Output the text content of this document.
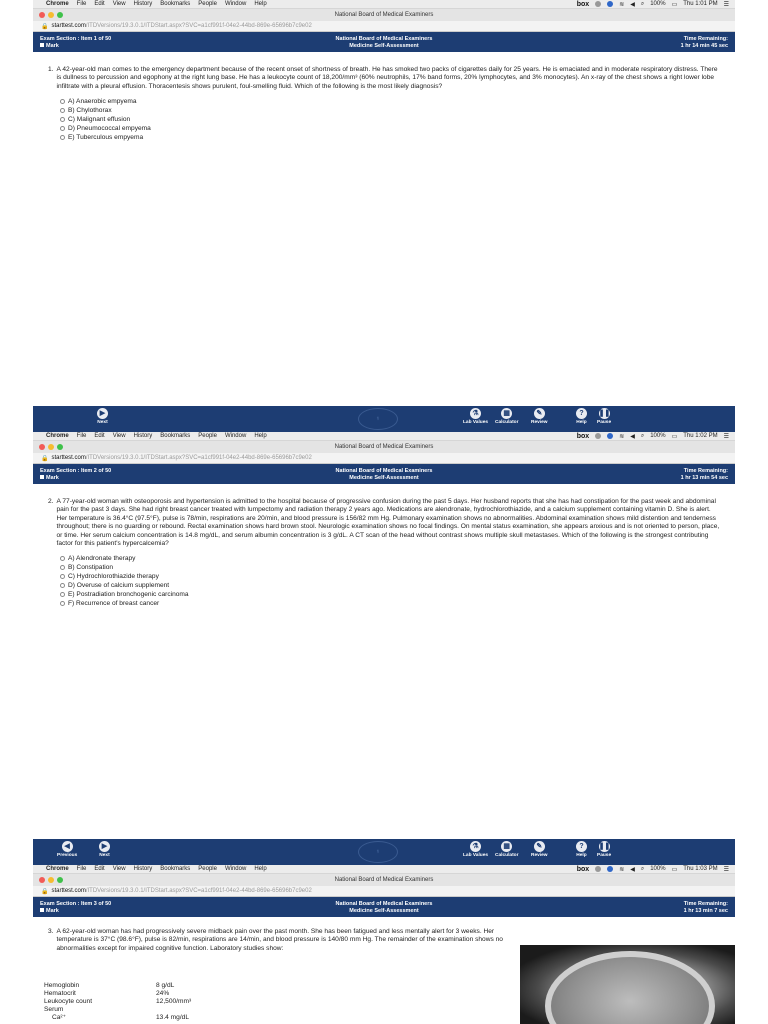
Chrome File Edit View History Bookmarks People Window Help	box	≋ ◀ ⌕ 100% ▭ Thu 1:01 PM ☰
National Board of Medical Examiners
🔒 starttest.com /ITDVersions/19.3.0.1/ITDStart.aspx?SVC=a1cf991f-04e2-44bd-869e-65696b7c9e02
Exam Section : Item 1 of 50
Mark
National Board of Medical Examiners
Medicine Self-Assessment
Time Remaining:
1 hr 14 min 45 sec
1. A 42-year-old man comes to the emergency department because of the recent onset of shortness of breath. He has smoked two packs of cigarettes daily for 25 years. He is emaciated and in moderate respiratory distress. There is dullness to percussion and egophony at the right lung base. He has a leukocyte count of 18,200/mm³ (60% neutrophils, 17% band forms, 20% lymphocytes, and 3% monocytes). An x-ray of the chest shows a right lower lobe infiltrate with a pleural effusion. Thoracentesis shows purulent, foul-smelling fluid. Which of the following is the most likely diagnosis?
A) Anaerobic empyema
B) Chylothorax
C) Malignant effusion
D) Pneumococcal empyema
E) Tuberculous empyema
▶
Next
⚕
⚗
Lab Values
▦
Calculator
✎
Review
?
Help
❚❚
Pause
Chrome File Edit View History Bookmarks People Window Help	box	≋ ◀ ⌕ 100% ▭ Thu 1:02 PM ☰
National Board of Medical Examiners
🔒 starttest.com /ITDVersions/19.3.0.1/ITDStart.aspx?SVC=a1cf991f-04e2-44bd-869e-65696b7c9e02
Exam Section : Item 2 of 50
Mark
National Board of Medical Examiners
Medicine Self-Assessment
Time Remaining:
1 hr 13 min 54 sec
2. A 77-year-old woman with osteoporosis and hypertension is admitted to the hospital because of progressive confusion during the past 5 days. Her husband reports that she has had constipation for the past week and abdominal pain for the past 3 days. She had right breast cancer treated with lumpectomy and radiation therapy 2 years ago. Medications are alendronate, hydrochlorothiazide, and a calcium supplement containing vitamin D. She is alert. Her temperature is 36.4°C (97.5°F), pulse is 78/min, respirations are 20/min, and blood pressure is 156/82 mm Hg. Pulmonary examination shows no abnormalities. Abdominal examination shows mild distention and tenderness throughout; there is no guarding or rebound. Rectal examination shows hard brown stool. Neurologic examination shows no focal findings. On mental status examination, she appears anxious and is not oriented to person, place, or time. Her serum calcium concentration is 14.8 mg/dL, and serum albumin concentration is 3 g/dL. A CT scan of the head without contrast shows multiple skull metastases. Which of the following is the strongest contributing factor for this patient's hypercalcemia?
A) Alendronate therapy
B) Constipation
C) Hydrochlorothiazide therapy
D) Overuse of calcium supplement
E) Postradiation bronchogenic carcinoma
F) Recurrence of breast cancer
◀
Previous
▶
Next
⚕
⚗
Lab Values
▦
Calculator
✎
Review
?
Help
❚❚
Pause
Chrome File Edit View History Bookmarks People Window Help	box	≋ ◀ ⌕ 100% ▭ Thu 1:03 PM ☰
National Board of Medical Examiners
🔒 starttest.com /ITDVersions/19.3.0.1/ITDStart.aspx?SVC=a1cf991f-04e2-44bd-869e-65696b7c9e02
Exam Section : Item 3 of 50
Mark
National Board of Medical Examiners
Medicine Self-Assessment
Time Remaining:
1 hr 13 min 7 sec
3. A 62-year-old woman has had progressively severe midback pain over the past month. She has been fatigued and less mentally alert for 3 weeks. Her temperature is 37°C (98.6°F), pulse is 82/min, respirations are 14/min, and blood pressure is 140/80 mm Hg. The remainder of the examination shows no abnormalities except for impaired cognitive function. Laboratory studies show:
Hemoglobin	8 g/dL
Hematocrit	24%
Leukocyte count	12,500/mm³
Serum
Ca²⁺	13.4 mg/dL
